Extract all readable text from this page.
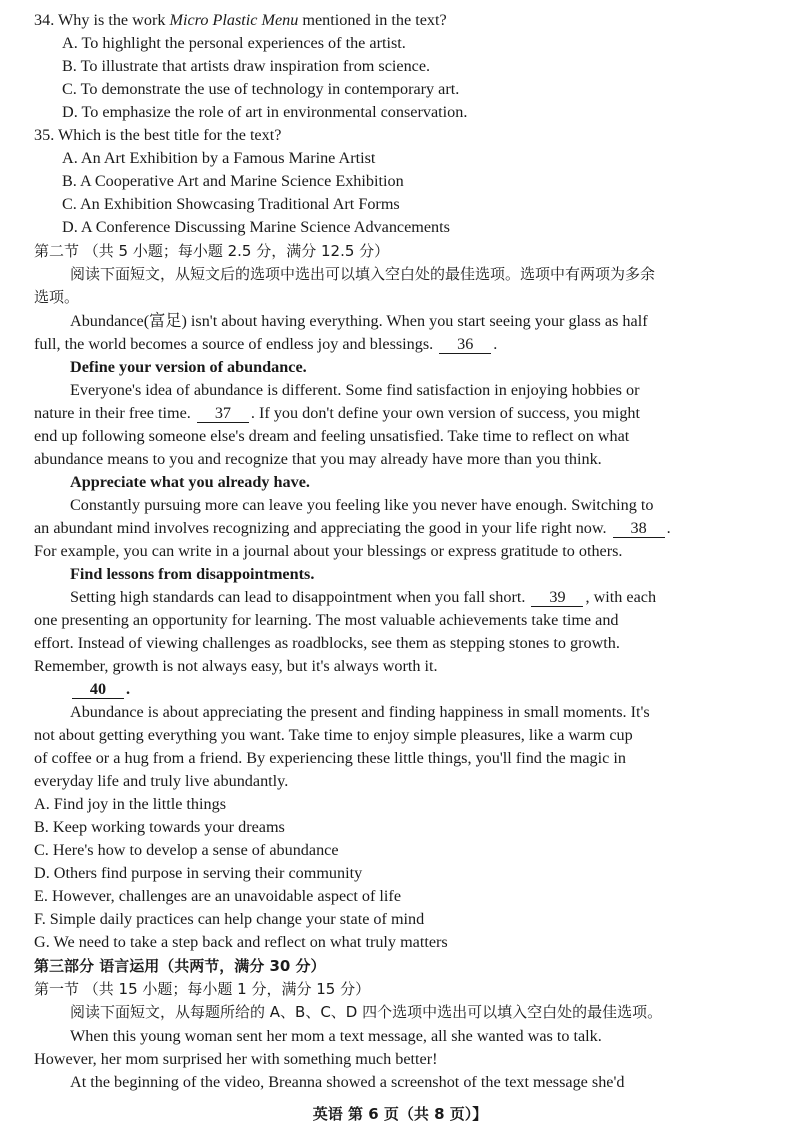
34. Why is the work Micro Plastic Menu mentioned in the text?
A. To highlight the personal experiences of the artist.
B. To illustrate that artists draw inspiration from science.
C. To demonstrate the use of technology in contemporary art.
D. To emphasize the role of art in environmental conservation.
35. Which is the best title for the text?
A. An Art Exhibition by a Famous Marine Artist
B. A Cooperative Art and Marine Science Exhibition
C. An Exhibition Showcasing Traditional Art Forms
D. A Conference Discussing Marine Science Advancements
第二节 （共 5 小题；每小题 2.5 分，满分 12.5 分）
阅读下面短文，从短文后的选项中选出可以填入空白处的最佳选项。选项中有两项为多余
选项。
Abundance(富足) isn't about having everything. When you start seeing your glass as half
full, the world becomes a source of endless joy and blessings. 36 .
Define your version of abundance.
Everyone's idea of abundance is different. Some find satisfaction in enjoying hobbies or
nature in their free time. 37 . If you don't define your own version of success, you might
end up following someone else's dream and feeling unsatisfied. Take time to reflect on what
abundance means to you and recognize that you may already have more than you think.
Appreciate what you already have.
Constantly pursuing more can leave you feeling like you never have enough. Switching to
an abundant mind involves recognizing and appreciating the good in your life right now. 38 .
For example, you can write in a journal about your blessings or express gratitude to others.
Find lessons from disappointments.
Setting high standards can lead to disappointment when you fall short. 39 , with each
one presenting an opportunity for learning. The most valuable achievements take time and
effort. Instead of viewing challenges as roadblocks, see them as stepping stones to growth.
Remember, growth is not always easy, but it's always worth it.
40 .
Abundance is about appreciating the present and finding happiness in small moments. It's
not about getting everything you want. Take time to enjoy simple pleasures, like a warm cup
of coffee or a hug from a friend. By experiencing these little things, you'll find the magic in
everyday life and truly live abundantly.
A. Find joy in the little things
B. Keep working towards your dreams
C. Here's how to develop a sense of abundance
D. Others find purpose in serving their community
E. However, challenges are an unavoidable aspect of life
F. Simple daily practices can help change your state of mind
G. We need to take a step back and reflect on what truly matters
第三部分 语言运用（共两节，满分 30 分）
第一节 （共 15 小题；每小题 1 分，满分 15 分）
阅读下面短文，从每题所给的 A、B、C、D 四个选项中选出可以填入空白处的最佳选项。
When this young woman sent her mom a text message, all she wanted was to talk.
However, her mom surprised her with something much better!
At the beginning of the video, Breanna showed a screenshot of the text message she'd
英语 第 6 页（共 8 页）】
